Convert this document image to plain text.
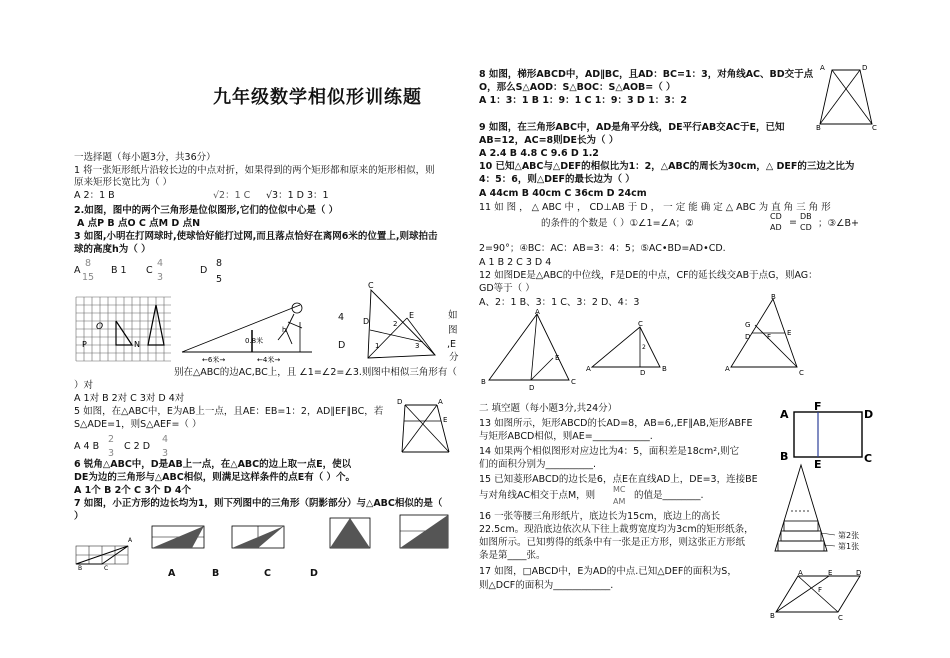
九年级数学相似形训练题
一选择题（每小题3分，共36分）
1 将一张矩形纸片沿较长边的中点对折，如果得到的两个矩形都和原来的矩形相似，则
原来矩形长宽比为（ ）
A 2：1 B	√2：1 C √3：1 D 3：1
2.如图，图中的两个三角形是位似图形,它们的位似中心是（ ）
A 点P B 点O C 点M D 点N
3 如图,小明在打网球时,使球恰好能打过网,而且落点恰好在离网6米的位置上,则球拍击
球的高度h为（ ）
A
8
15
B 1 C
4
3
D
8
5
O
P	N	0.8米
h
←6米→	←4米→
C
D
E
2
1	3
4	如
图
,E
分
D
别在△ABC的边AC,BC上，且 ∠1=∠2=∠3.则图中相似三角形有（
）对
A 1对 B 2对 C 3对 D 4对
5 如图，在△ABC中，E为AB上一点，且AE：EB=1：2，AD∥EF∥BC，若
S△ADE=1，则S△AEF=（ ）
A 4 B
2
3
C 2 D
4
3
D	A
E
6 锐角△ABC中，D是AB上一点，在△ABC的边上取一点E，使以
DE为边的三角形与△ABC相似，则满足这样条件的点E有（ ）个。
A 1个 B 2个 C 3个 D 4个
7 如图，小正方形的边长均为1，则下列图中的三角形（阴影部分）与△ABC相似的是（
）
A
C
B	A	B	C	D
8 如图，梯形ABCD中，AD∥BC，且AD：BC=1：3，对角线AC、BD交于点
O，那么S△AOD：S△BOC：S△AOB=（ ）
A 1：3：1 B 1：9：1 C 1：9：3 D 1：3：2
A	D
B	C
9 如图，在三角形ABC中，AD是角平分线，DE平行AB交AC于E，已知
AB=12，AC=8则DE长为（ ）
A 2.4 B 4.8 C 9.6 D 1.2
10 已知△ABC与△DEF的相似比为1：2，△ABC的周长为30cm，△ DEF的三边之比为
4：5：6，则△DEF的最长边为（ ）
A 44cm B 40cm C 36cm D 24cm
11 如 图 ， △ ABC 中 ， CD⊥AB 于 D ， 一 定 能 确 定 △ ABC 为 直 角 三 角 形
的条件的个数是（ ）①∠1=∠A；②
CD
AD =
DB
CD ；③∠B+
2=90°；④BC：AC：AB=3：4：5；⑤AC•BD=AD•CD.
A 1 B 2 C 3 D 4
12 如图DE是△ABC的中位线，F是DE的中点，CF的延长线交AB于点G，则AG：
GD等于（ ）
A、2：1 B、3：1 C、3：2 D、4：3
A
B	C
D
E
C
A	B
D
2
B
A	C
G
D	E
F
二 填空题（每小题3分,共24分）
13 如图所示，矩形ABCD的长AD=8，AB=6,,EF∥AB,矩形ABFE
与矩形ABCD相似，则AE=____________.
A
F
D
B
E	C
14 如果两个相似图形对应边比为4：5，面积差是18cm²,则它
们的面积分别为__________.
15 已知菱形ABCD的边长是6，点E在直线AD上，DE=3，连接BE
与对角线AC相交于点M，则
MC
AM
的值是________.
16 一张等腰三角形纸片，底边长为15cm，底边上的高长
22.5cm。现沿底边依次从下往上裁剪宽度均为3cm的矩形纸条，
如图所示。已知剪得的纸条中有一张是正方形，则这张正方形纸
条是第____张。
第2张
第1张
17 如图，□ABCD中，E为AD的中点.已知△DEF的面积为S，
则△DCF的面积为____________.
A	E	D
B	C
F
